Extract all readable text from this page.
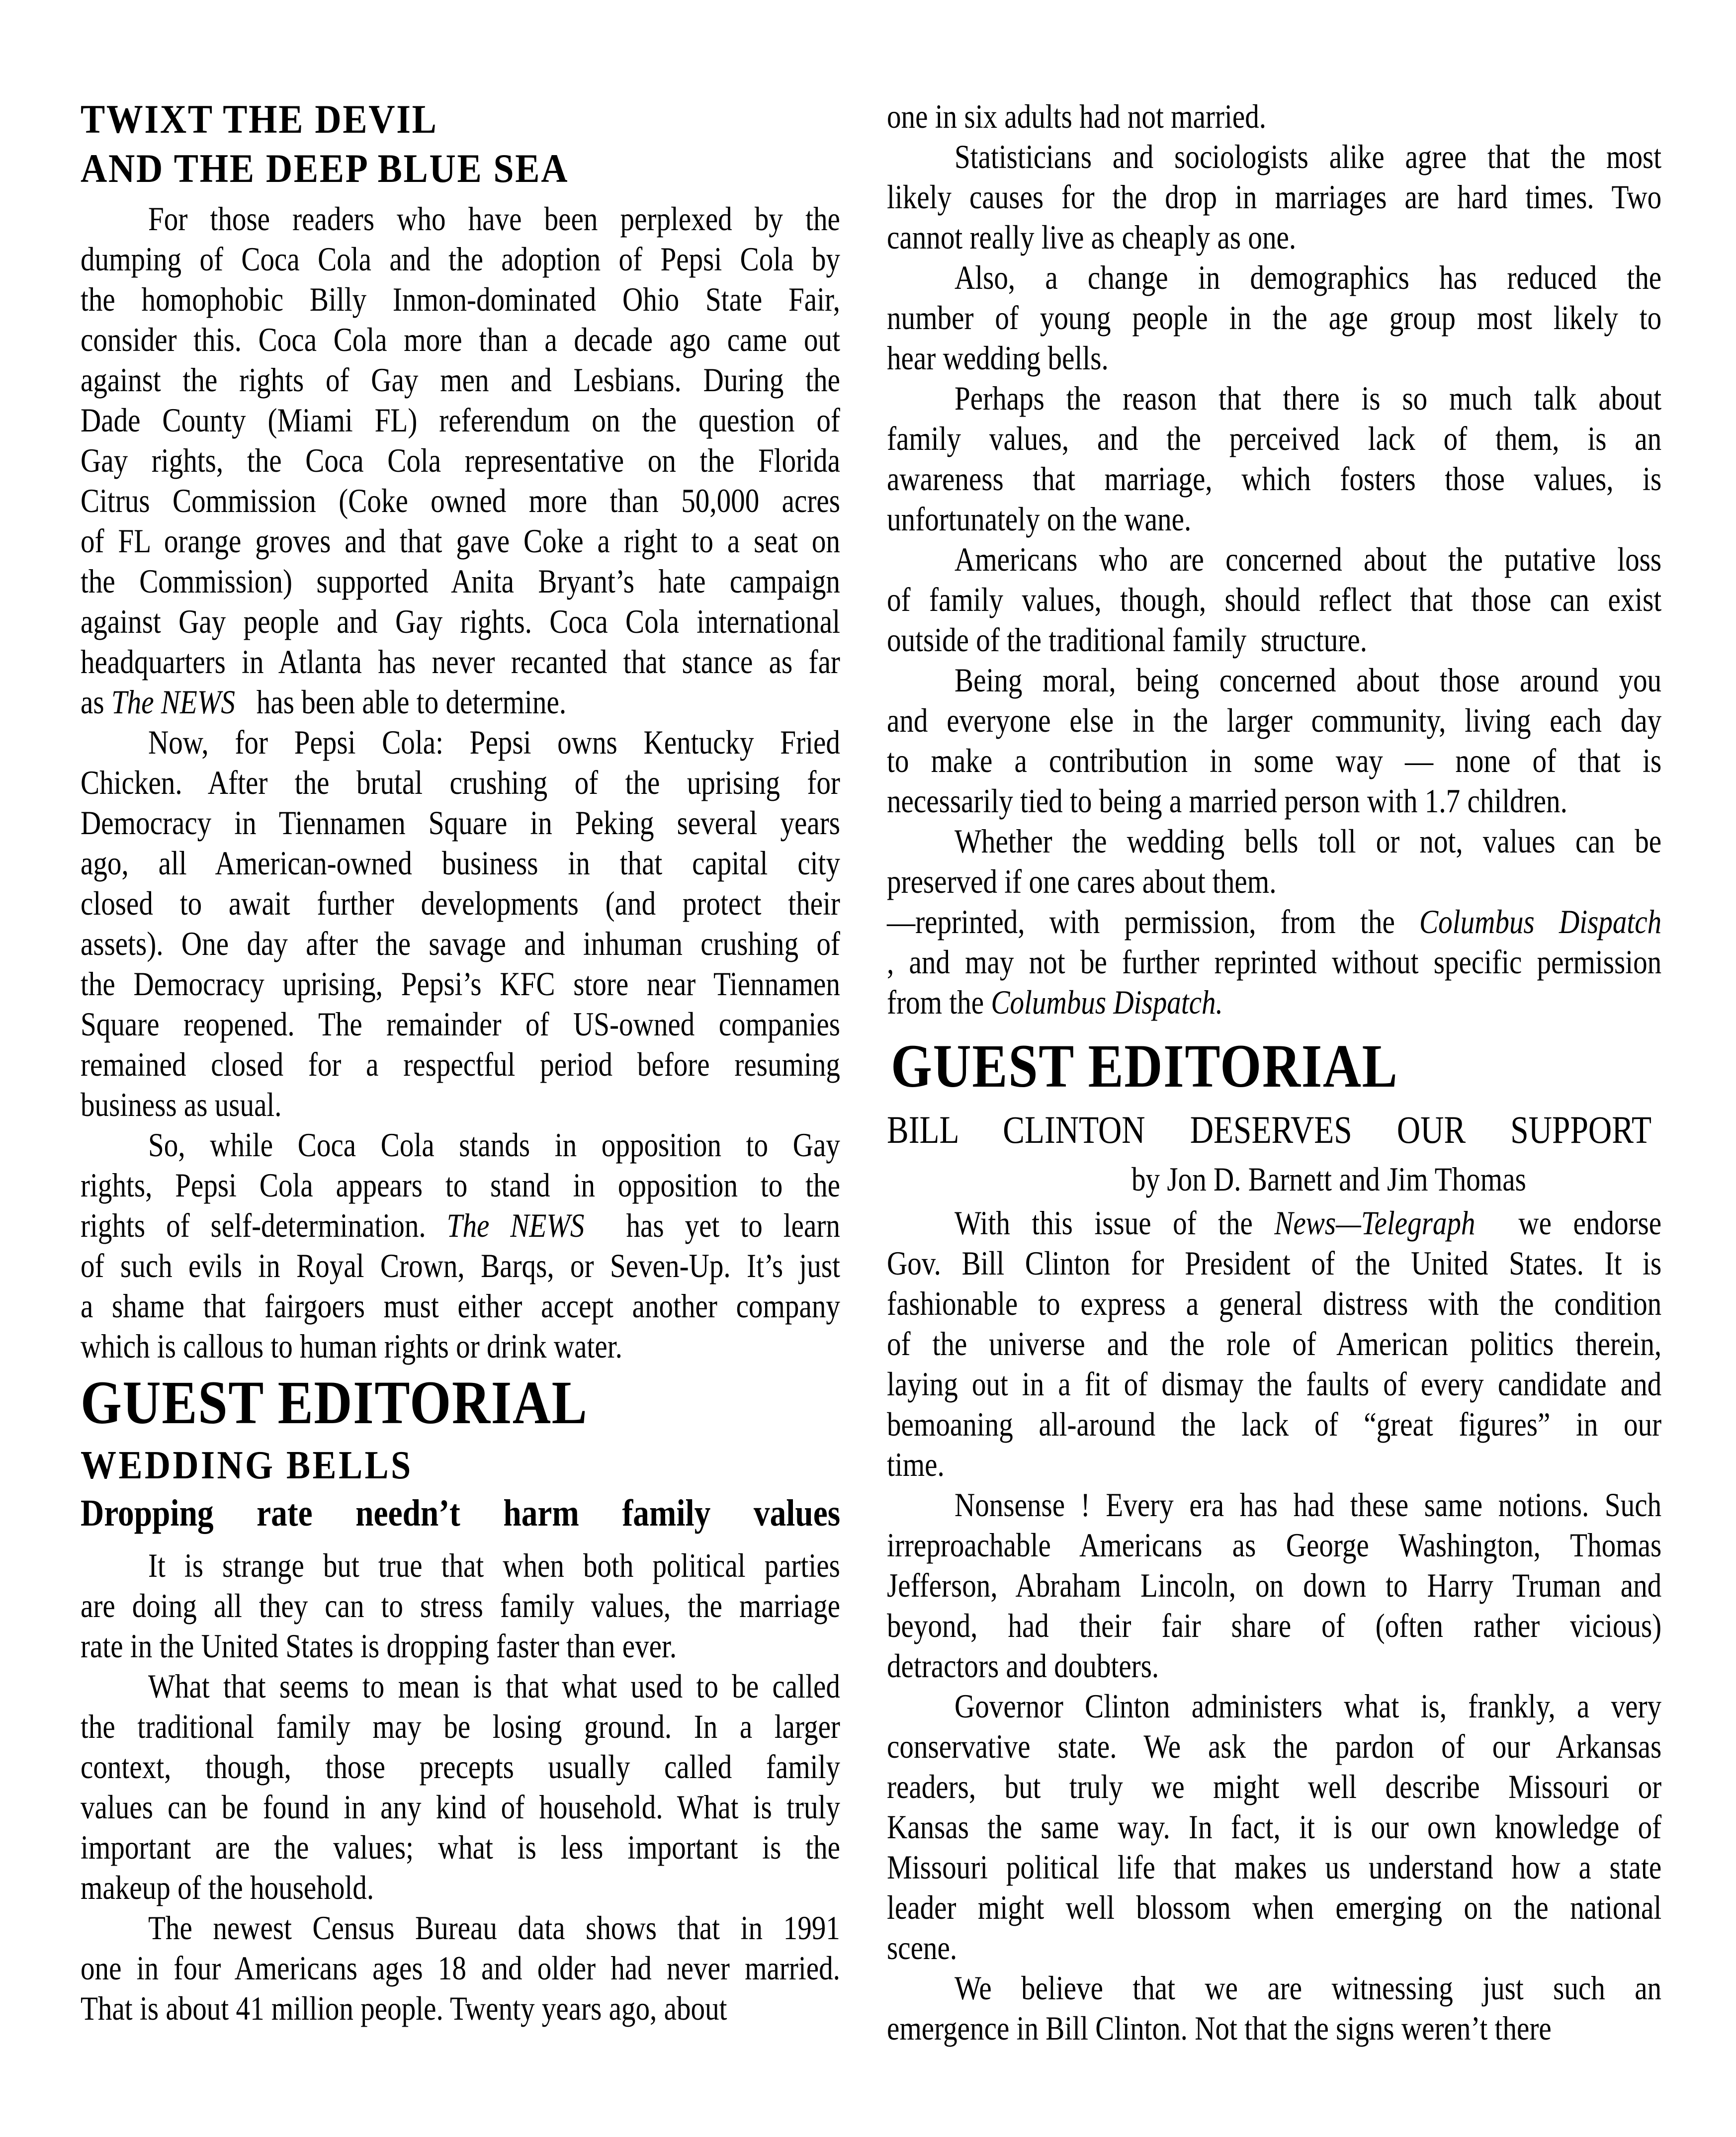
TWIXT THE DEVIL
AND THE DEEP BLUE SEA
For those readers who have been perplexed by the
dumping of Coca Cola and the adoption of Pepsi Cola by
the homophobic Billy Inmon-dominated Ohio State Fair,
consider this. Coca Cola more than a decade ago came out
against the rights of Gay men and Lesbians. During the
Dade County (Miami FL) referendum on the question of
Gay rights, the Coca Cola representative on the Florida
Citrus Commission (Coke owned more than 50,000 acres
of FL orange groves and that gave Coke a right to a seat on
the Commission) supported Anita Bryant’s hate campaign
against Gay people and Gay rights. Coca Cola international
headquarters in Atlanta has never recanted that stance as far
as The NEWS   has been able to determine.
Now, for Pepsi Cola: Pepsi owns Kentucky Fried
Chicken. After the brutal crushing of the uprising for
Democracy in Tiennamen Square in Peking several years
ago, all American-owned business in that capital city
closed to await further developments (and protect their
assets). One day after the savage and inhuman crushing of
the Democracy uprising, Pepsi’s KFC store near Tiennamen
Square reopened. The remainder of US-owned companies
remained closed for a respectful period before resuming
business as usual.
So, while Coca Cola stands in opposition to Gay
rights, Pepsi Cola appears to stand in opposition to the
rights of self-determination. The NEWS  has yet to learn
of such evils in Royal Crown, Barqs, or Seven-Up. It’s just
a shame that fairgoers must either accept another company
which is callous to human rights or drink water.
GUEST EDITORIAL
WEDDING BELLS
Dropping rate needn’t harm family values
It is strange but true that when both political parties
are doing all they can to stress family values, the marriage
rate in the United States is dropping faster than ever.
What that seems to mean is that what used to be called
the traditional family may be losing ground. In a larger
context, though, those precepts usually called family
values can be found in any kind of household. What is truly
important are the values; what is less important is the
makeup of the household.
The newest Census Bureau data shows that in 1991
one in four Americans ages 18 and older had never married.
That is about 41 million people. Twenty years ago, about
one in six adults had not married.
Statisticians and sociologists alike agree that the most
likely causes for the drop in marriages are hard times. Two
cannot really live as cheaply as one.
Also, a change in demographics has reduced the
number of young people in the age group most likely to
hear wedding bells.
Perhaps the reason that there is so much talk about
family values, and the perceived lack of them, is an
awareness that marriage, which fosters those values, is
unfortunately on the wane.
Americans who are concerned about the putative loss
of family values, though, should reflect that those can exist
outside of the traditional family  structure.
Being moral, being concerned about those around you
and everyone else in the larger community, living each day
to make a contribution in some way — none of that is
necessarily tied to being a married person with 1.7 children.
Whether the wedding bells toll or not, values can be
preserved if one cares about them.
—reprinted, with permission, from the Columbus Dispatch
, and may not be further reprinted without specific permission
from the Columbus Dispatch.
GUEST EDITORIAL
BILL CLINTON DESERVES OUR SUPPORT
by Jon D. Barnett and Jim Thomas
With this issue of the News—Telegraph  we endorse
Gov. Bill Clinton for President of the United States. It is
fashionable to express a general distress with the condition
of the universe and the role of American politics therein,
laying out in a fit of dismay the faults of every candidate and
bemoaning all-around the lack of “great figures” in our
time.
Nonsense ! Every era has had these same notions. Such
irreproachable Americans as George Washington, Thomas
Jefferson, Abraham Lincoln, on down to Harry Truman and
beyond, had their fair share of (often rather vicious)
detractors and doubters.
Governor Clinton administers what is, frankly, a very
conservative state. We ask the pardon of our Arkansas
readers, but truly we might well describe Missouri or
Kansas the same way. In fact, it is our own knowledge of
Missouri political life that makes us understand how a state
leader might well blossom when emerging on the national
scene.
We believe that we are witnessing just such an
emergence in Bill Clinton. Not that the signs weren’t there
